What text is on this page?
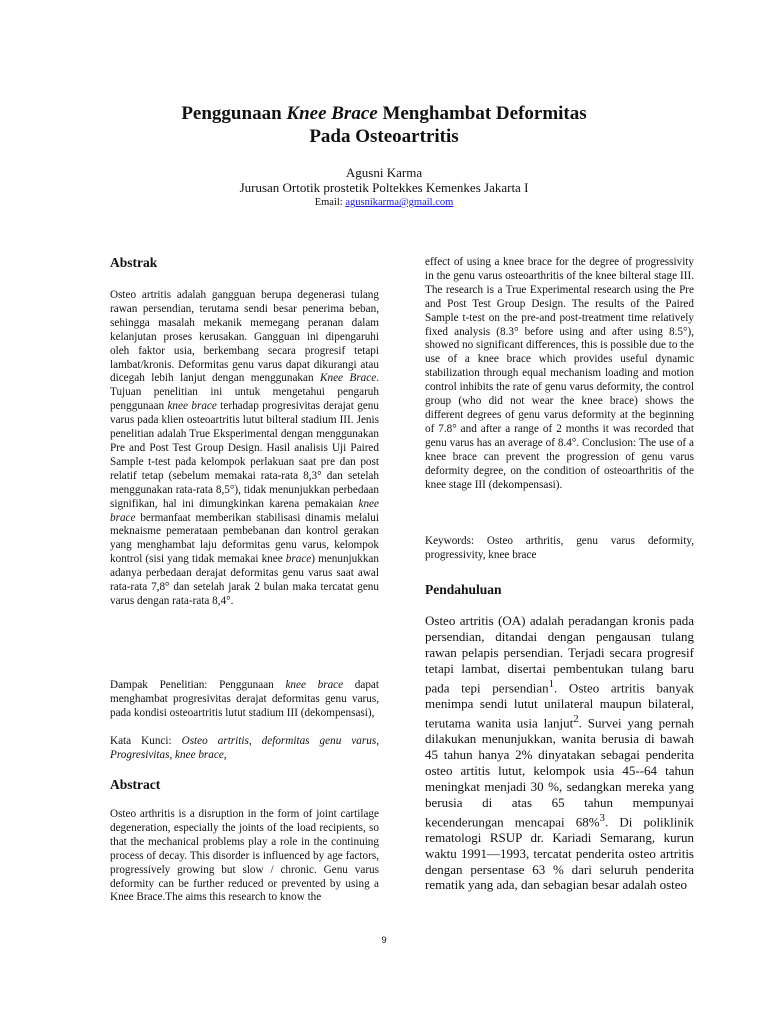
Penggunaan Knee Brace Menghambat Deformitas
Pada Osteoartritis
Agusni Karma
Jurusan Ortotik prostetik Poltekkes Kemenkes Jakarta I
Email: agusnikarma@gmail.com
Abstrak
Osteo artritis adalah gangguan berupa degenerasi tulang rawan persendian, terutama sendi besar penerima beban, sehingga masalah mekanik memegang peranan dalam kelanjutan proses kerusakan. Gangguan ini dipengaruhi oleh faktor usia, berkembang secara progresif tetapi lambat/kronis. Deformitas genu varus dapat dikurangi atau dicegah lebih lanjut dengan menggunakan Knee Brace. Tujuan penelitian ini untuk mengetahui pengaruh penggunaan knee brace terhadap progresivitas derajat genu varus pada klien osteoartritis lutut bilteral stadium III. Jenis penelitian adalah True Eksperimental dengan menggunakan Pre and Post Test Group Design. Hasil analisis Uji Paired Sample t-test pada kelompok perlakuan saat pre dan post relatif tetap (sebelum memakai rata-rata 8,3° dan setelah menggunakan rata-rata 8,5°), tidak menunjukkan perbedaan signifikan, hal ini dimungkinkan karena pemakaian knee brace bermanfaat memberikan stabilisasi dinamis melalui meknaisme pemerataan pembebanan dan kontrol gerakan yang menghambat laju deformitas genu varus, kelompok kontrol (sisi yang tidak memakai knee brace) menunjukkan adanya perbedaan derajat deformitas genu varus saat awal rata-rata 7,8° dan setelah jarak 2 bulan maka tercatat genu varus dengan rata-rata 8,4°.
Dampak Penelitian: Penggunaan knee brace dapat menghambat progresivitas derajat deformitas genu varus, pada kondisi osteoartritis lutut stadium III (dekompensasi),
Kata Kunci: Osteo artritis, deformitas genu varus, Progresivitas, knee brace,
Abstract
Osteo arthritis is a disruption in the form of joint cartilage degeneration, especially the joints of the load recipients, so that the mechanical problems play a role in the continuing process of decay. This disorder is influenced by age factors, progressively growing but slow / chronic. Genu varus deformity can be further reduced or prevented by using a Knee Brace.The aims this research to know the
effect of using a knee brace for the degree of progressivity in the genu varus osteoarthritis of the knee bilteral stage III. The research is a True Experimental research using the Pre and Post Test Group Design. The results of the Paired Sample t-test on the pre-and post-treatment time relatively fixed analysis (8.3° before using and after using 8.5°), showed no significant differences, this is possible due to the use of a knee brace which provides useful dynamic stabilization through equal mechanism loading and motion control inhibits the rate of genu varus deformity, the control group (who did not wear the knee brace) shows the different degrees of genu varus deformity at the beginning of 7.8° and after a range of 2 months it was recorded that genu varus has an average of 8.4°. Conclusion: The use of a knee brace can prevent the progression of genu varus deformity degree, on the condition of osteoarthritis of the knee stage III (dekompensasi).
Keywords: Osteo arthritis, genu varus deformity, progressivity, knee brace
Pendahuluan
Osteo artritis (OA) adalah peradangan kronis pada persendian, ditandai dengan pengausan tulang rawan pelapis persendian. Terjadi secara progresif tetapi lambat, disertai pembentukan tulang baru pada tepi persendian$^1$. Osteo artritis banyak menimpa sendi lutut unilateral maupun bilateral, terutama wanita usia lanjut$^2$. Survei yang pernah dilakukan menunjukkan, wanita berusia di bawah 45 tahun hanya 2% dinyatakan sebagai penderita osteo artitis lutut, kelompok usia 45--64 tahun meningkat menjadi 30 %, sedangkan mereka yang berusia di atas 65 tahun mempunyai kecenderungan mencapai 68%$^3$. Di poliklinik rematologi RSUP dr. Kariadi Semarang, kurun waktu 1991—1993, tercatat penderita osteo artritis dengan persentase 63 % dari seluruh penderita rematik yang ada, dan sebagian besar adalah osteo
9
